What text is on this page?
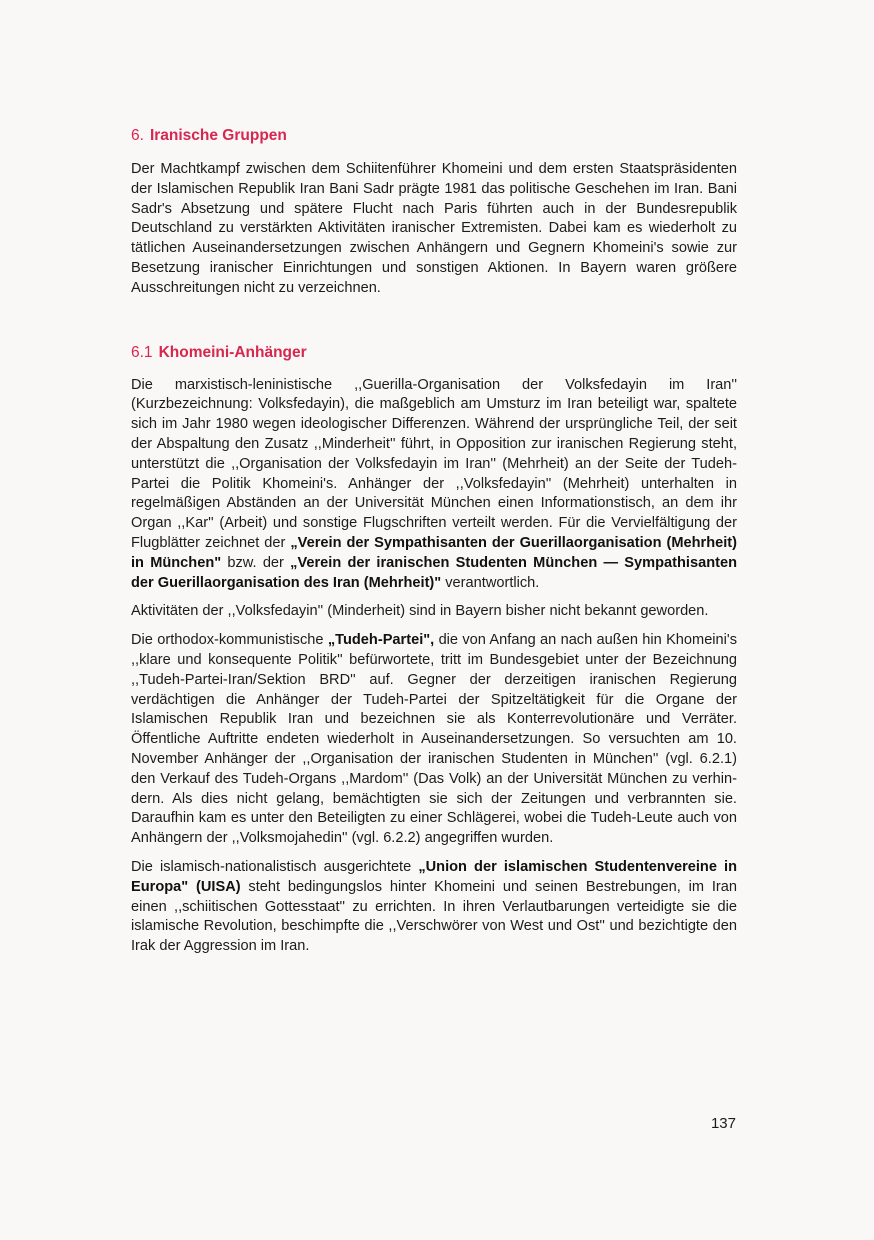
6. Iranische Gruppen

Der Machtkampf zwischen dem Schiitenführer Khomeini und dem ersten Staatspräsidenten der Islamischen Republik Iran Bani Sadr prägte 1981 das politische Geschehen im Iran. Bani Sadr's Absetzung und spätere Flucht nach Paris führten auch in der Bundesrepublik Deutschland zu verstärkten Aktivitäten iranischer Extremisten. Dabei kam es wiederholt zu tätlichen Auseinandersetzungen zwischen Anhängern und Gegnern Khomeini's sowie zur Besetzung iranischer Einrichtungen und sonstigen Aktionen. In Bayern waren größere Ausschreitungen nicht zu verzeichnen.

6.1 Khomeini-Anhänger

Die marxistisch-leninistische ,,Guerilla-Organisation der Volksfedayin im Iran'' (Kurzbezeichnung: Volksfedayin), die maßgeblich am Umsturz im Iran beteiligt war, spaltete sich im Jahr 1980 wegen ideologischer Differenzen. Während der ursprüngliche Teil, der seit der Abspaltung den Zusatz ,,Minderheit'' führt, in Opposition zur iranischen Regierung steht, unterstützt die ,,Organisation der Volksfedayin im Iran'' (Mehrheit) an der Seite der Tudeh-Partei die Politik Khomeini's. Anhänger der ,,Volksfedayin'' (Mehrheit) unterhalten in regelmäßigen Abständen an der Universität München einen Informationstisch, an dem ihr Organ ,,Kar'' (Arbeit) und sonstige Flugschriften verteilt werden. Für die Vervielfältigung der Flugblätter zeichnet der „Verein der Sympathisanten der Guerillaorganisation (Mehrheit) in München" bzw. der „Verein der iranischen Studenten München — Sympathisanten der Guerillaorganisation des Iran (Mehrheit)" verantwortlich.

Aktivitäten der ,,Volksfedayin'' (Minderheit) sind in Bayern bisher nicht bekannt geworden.

Die orthodox-kommunistische „Tudeh-Partei", die von Anfang an nach außen hin Khomeini's ,,klare und konsequente Politik'' befürwortete, tritt im Bundesgebiet unter der Bezeichnung ,,Tudeh-Partei-Iran/Sektion BRD'' auf. Gegner der derzeitigen iranischen Regierung verdächtigen die Anhänger der Tudeh-Partei der Spitzeltätigkeit für die Organe der Islamischen Republik Iran und bezeichnen sie als Konterrevolutionäre und Verräter. Öffentliche Auftritte endeten wiederholt in Auseinandersetzungen. So versuchten am 10. November Anhänger der ,,Organisation der iranischen Studenten in München'' (vgl. 6.2.1) den Verkauf des Tudeh-Organs ,,Mardom'' (Das Volk) an der Universität München zu verhindern. Als dies nicht gelang, bemächtigten sie sich der Zeitungen und verbrannten sie. Daraufhin kam es unter den Beteiligten zu einer Schlägerei, wobei die Tudeh-Leute auch von Anhängern der ,,Volksmojahedin'' (vgl. 6.2.2) angegriffen wurden.

Die islamisch-nationalistisch ausgerichtete „Union der islamischen Studentenvereine in Europa" (UISA) steht bedingungslos hinter Khomeini und seinen Bestrebungen, im Iran einen ,,schiitischen Gottesstaat'' zu errichten. In ihren Verlautbarungen verteidigte sie die islamische Revolution, beschimpfte die ,,Verschwörer von West und Ost'' und bezichtigte den Irak der Aggression im Iran.

137
